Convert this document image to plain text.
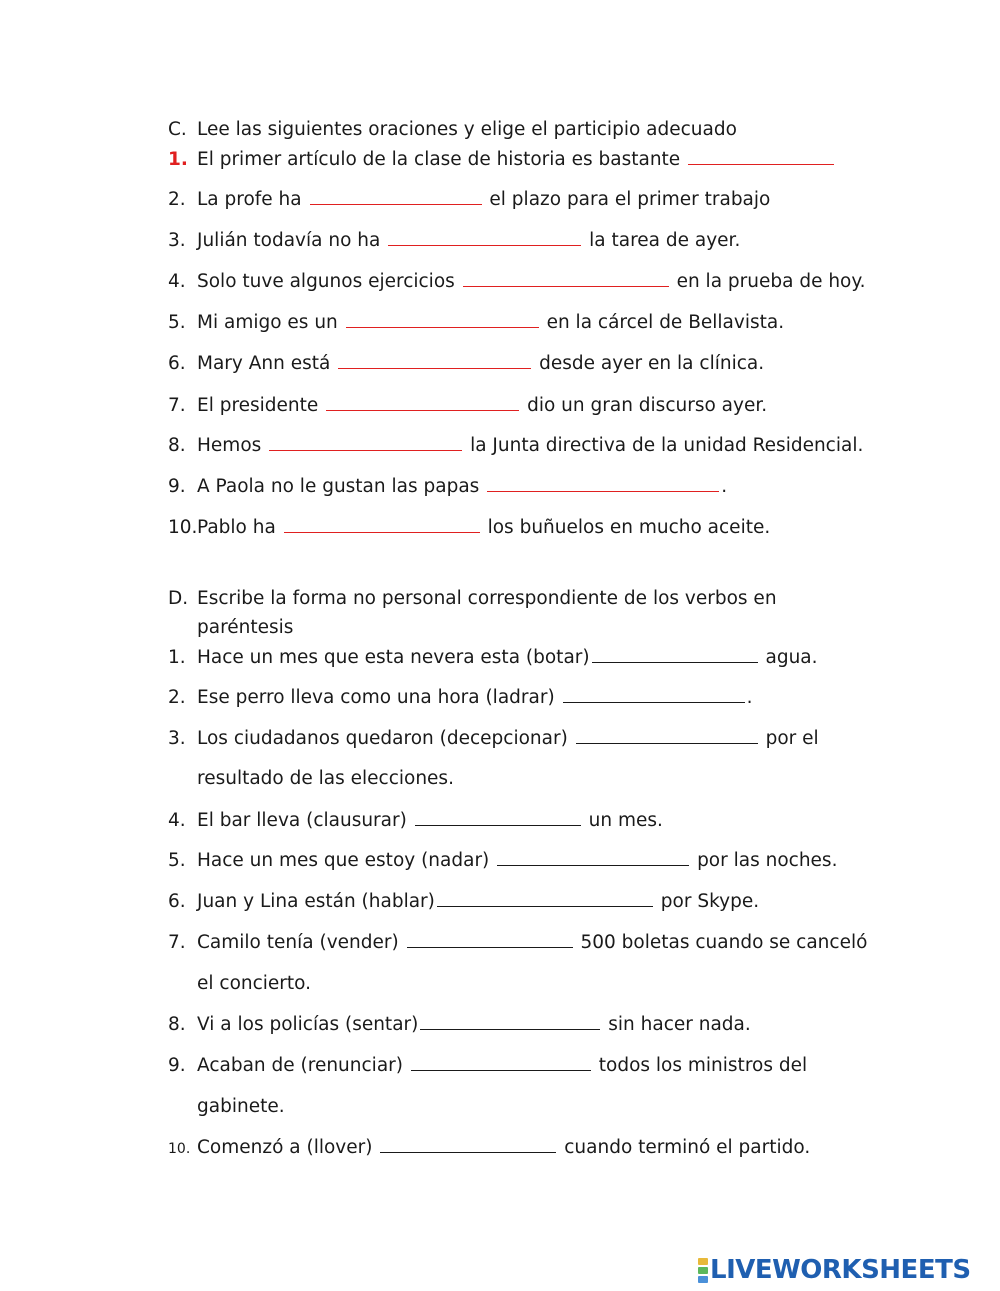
C. Lee las siguientes oraciones y elige el participio adecuado
1. El primer artículo de la clase de historia es bastante
2. La profe ha	el plazo para el primer trabajo
3. Julián todavía no ha	la tarea de ayer.
4. Solo tuve algunos ejercicios	en la prueba de hoy.
5. Mi amigo es un	en la cárcel de Bellavista.
6. Mary Ann está	desde ayer en la clínica.
7. El presidente	dio un gran discurso ayer.
8. Hemos	la Junta directiva de la unidad Residencial.
9. A Paola no le gustan las papas	.
10.Pablo ha	los buñuelos en mucho aceite.
D. Escribe la forma no personal correspondiente de los verbos en
paréntesis
1. Hace un mes que esta nevera esta (botar)	agua.
2. Ese perro lleva como una hora (ladrar)	.
3. Los ciudadanos quedaron (decepcionar)	por el
resultado de las elecciones.
4. El bar lleva (clausurar)	un mes.
5. Hace un mes que estoy (nadar)	por las noches.
6. Juan y Lina están (hablar)	por Skype.
7. Camilo tenía (vender)	500 boletas cuando se canceló
el concierto.
8. Vi a los policías (sentar)	sin hacer nada.
9. Acaban de (renunciar)	todos los ministros del
gabinete.
10. Comenzó a (llover)	cuando terminó el partido.
LIVEWORKSHEETS
